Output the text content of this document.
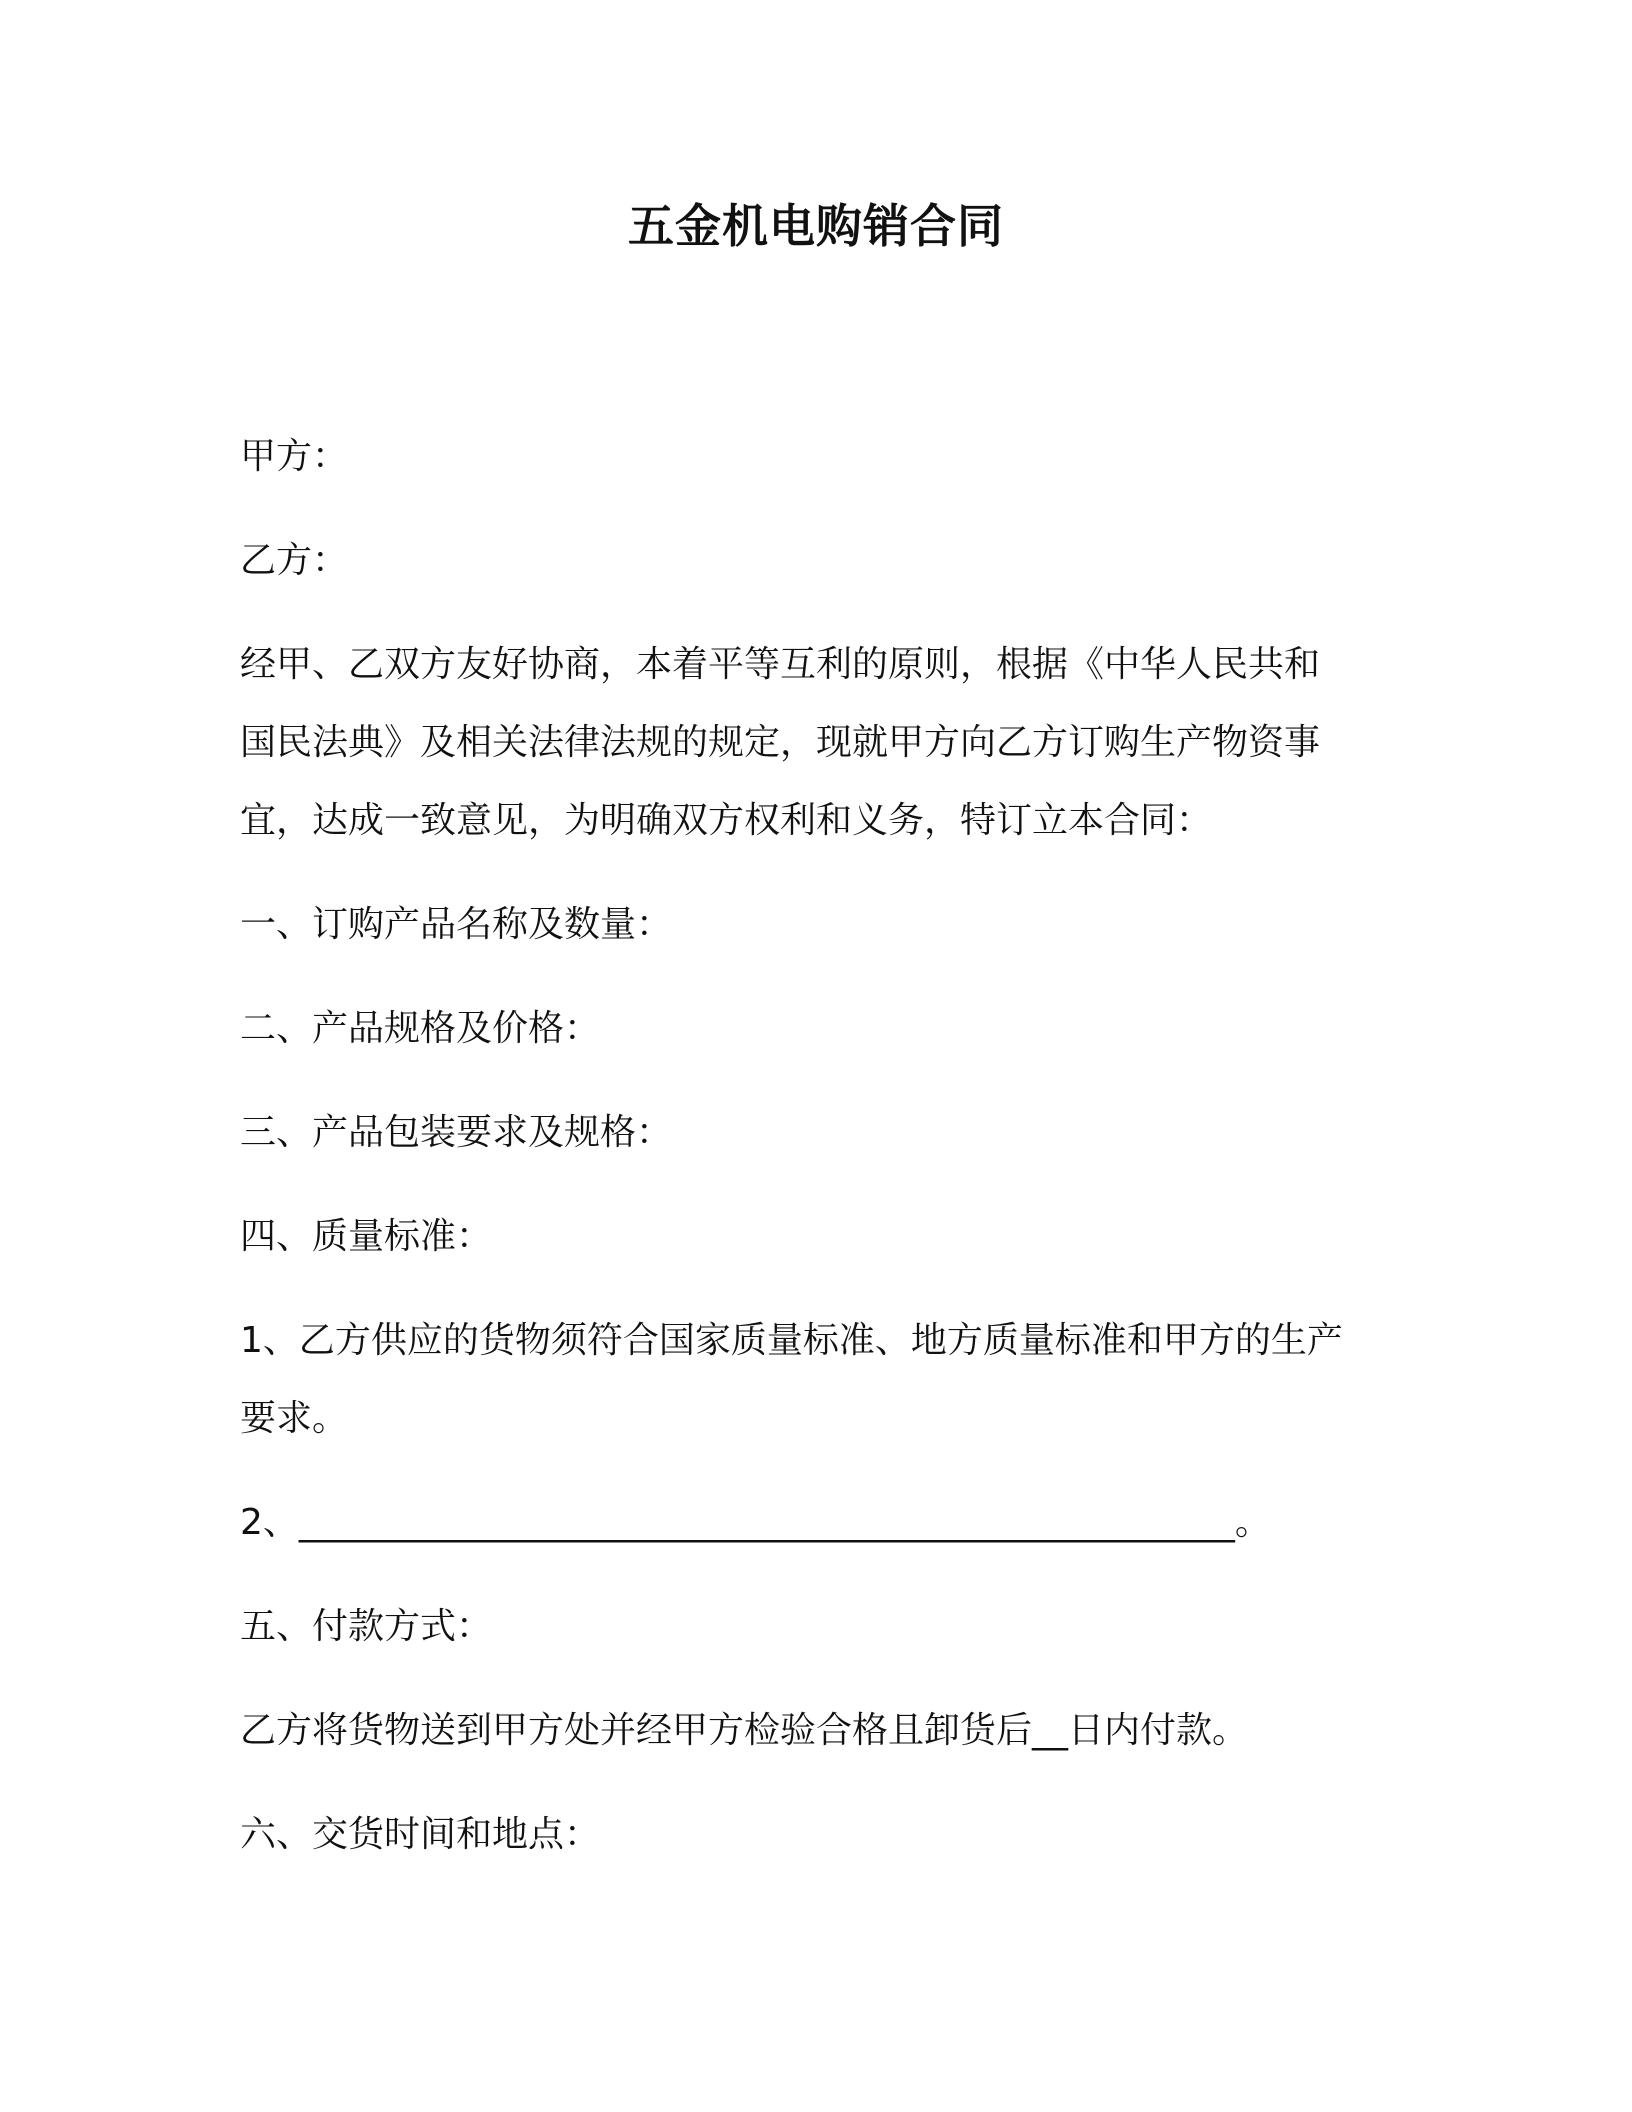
五金机电购销合同

甲方：

乙方：

经甲、乙双方友好协商，本着平等互利的原则，根据《中华人民共和
国民法典》及相关法律法规的规定，现就甲方向乙方订购生产物资事
宜，达成一致意见，为明确双方权利和义务，特订立本合同：

一、订购产品名称及数量：

二、产品规格及价格：

三、产品包装要求及规格：

四、质量标准：

1、乙方供应的货物须符合国家质量标准、地方质量标准和甲方的生产
要求。

2、____________________________________________________。

五、付款方式：

乙方将货物送到甲方处并经甲方检验合格且卸货后__日内付款。

六、交货时间和地点：
